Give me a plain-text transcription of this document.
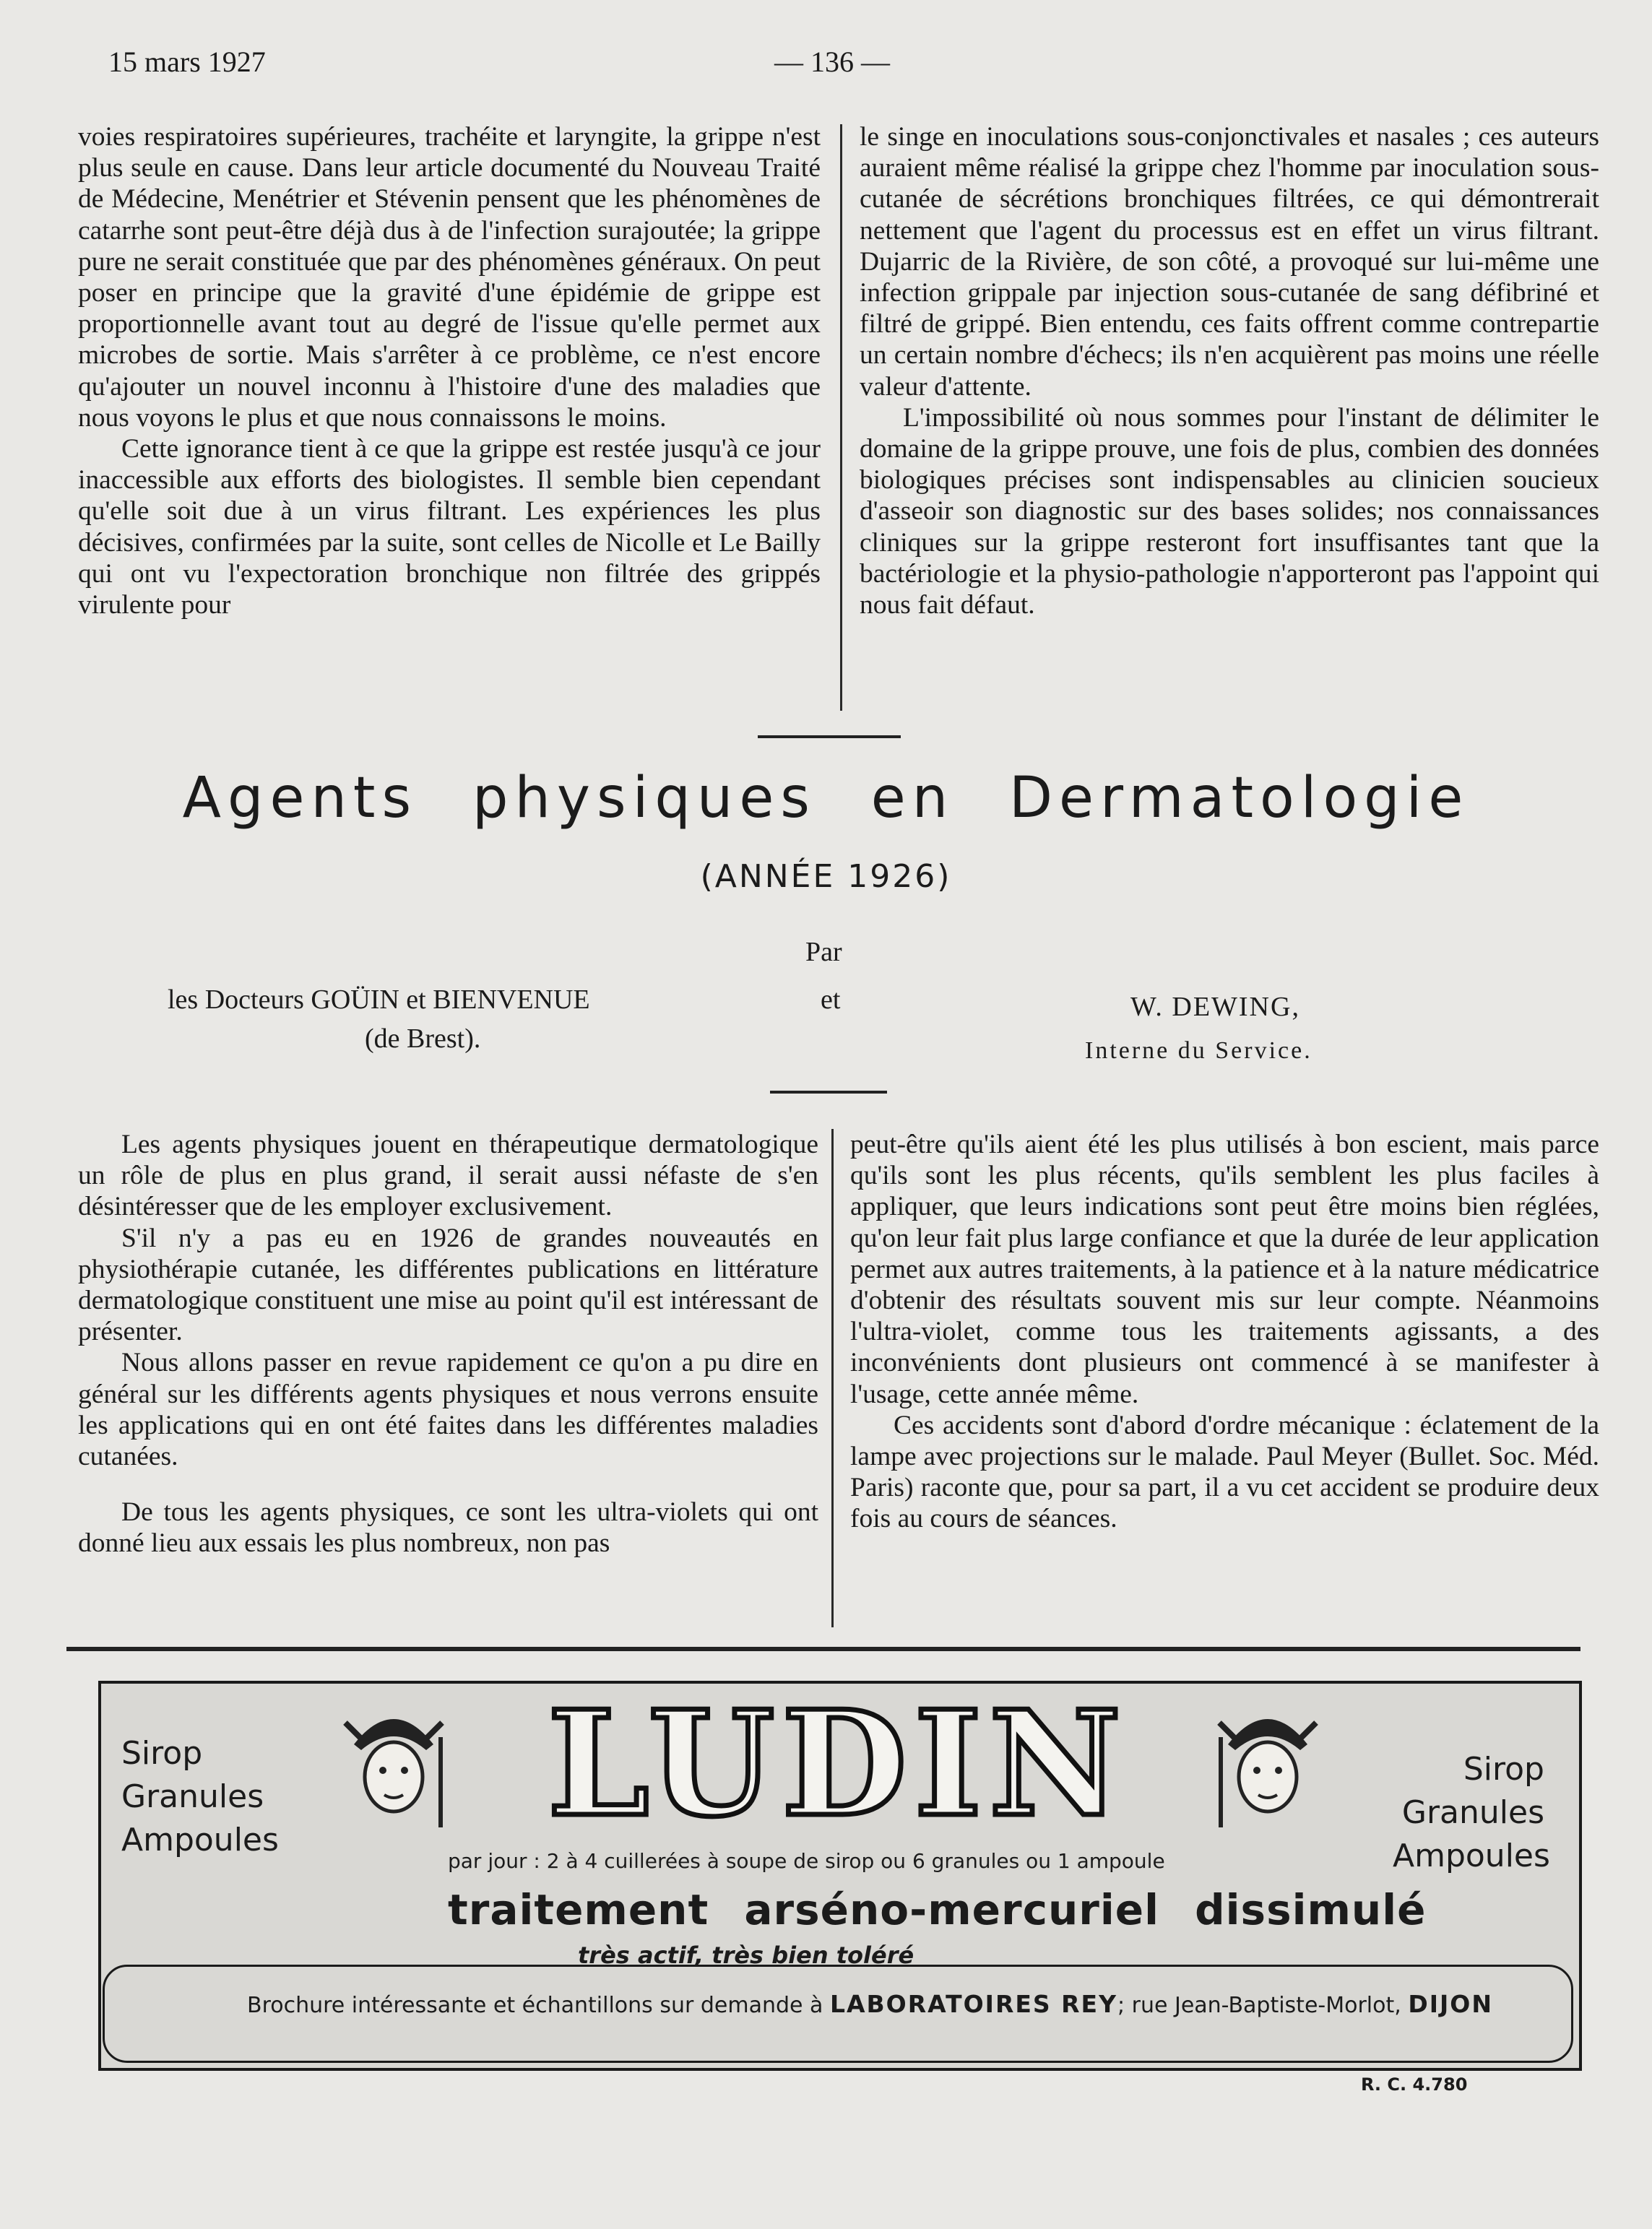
15 mars 1927	— 136 —

voies respiratoires supérieures, trachéite et laryngite, la grippe n'est plus seule en cause. Dans leur article documenté du Nouveau Traité de Médecine, Menétrier et Stévenin pensent que les phénomènes de catarrhe sont peut-être déjà dus à de l'infection surajoutée; la grippe pure ne serait constituée que par des phénomènes généraux. On peut poser en principe que la gravité d'une épidémie de grippe est proportionnelle avant tout au degré de l'issue qu'elle permet aux microbes de sortie. Mais s'arrêter à ce problème, ce n'est encore qu'ajouter un nouvel inconnu à l'histoire d'une des maladies que nous voyons le plus et que nous connaissons le moins.

Cette ignorance tient à ce que la grippe est restée jusqu'à ce jour inaccessible aux efforts des biologistes. Il semble bien cependant qu'elle soit due à un virus filtrant. Les expériences les plus décisives, confirmées par la suite, sont celles de Nicolle et Le Bailly qui ont vu l'expectoration bronchique non filtrée des grippés virulente pour

le singe en inoculations sous-conjonctivales et nasales ; ces auteurs auraient même réalisé la grippe chez l'homme par inoculation sous-cutanée de sécrétions bronchiques filtrées, ce qui démontrerait nettement que l'agent du processus est en effet un virus filtrant. Dujarric de la Rivière, de son côté, a provoqué sur lui-même une infection grippale par injection sous-cutanée de sang défibriné et filtré de grippé. Bien entendu, ces faits offrent comme contrepartie un certain nombre d'échecs; ils n'en acquièrent pas moins une réelle valeur d'attente.

L'impossibilité où nous sommes pour l'instant de délimiter le domaine de la grippe prouve, une fois de plus, combien des données biologiques précises sont indispensables au clinicien soucieux d'asseoir son diagnostic sur des bases solides; nos connaissances cliniques sur la grippe resteront fort insuffisantes tant que la bactériologie et la physio-pathologie n'apporteront pas l'appoint qui nous fait défaut.

Agents physiques en Dermatologie
(ANNÉE 1926)
Par
les Docteurs GOÜIN et BIENVENUE
(de Brest).
et	W. DEWING,
Interne du Service.

Les agents physiques jouent en thérapeutique dermatologique un rôle de plus en plus grand, il serait aussi néfaste de s'en désintéresser que de les employer exclusivement.

S'il n'y a pas eu en 1926 de grandes nouveautés en physiothérapie cutanée, les différentes publications en littérature dermatologique constituent une mise au point qu'il est intéressant de présenter.

Nous allons passer en revue rapidement ce qu'on a pu dire en général sur les différents agents physiques et nous verrons ensuite les applications qui en ont été faites dans les différentes maladies cutanées.

De tous les agents physiques, ce sont les ultra-violets qui ont donné lieu aux essais les plus nombreux, non pas

peut-être qu'ils aient été les plus utilisés à bon escient, mais parce qu'ils sont les plus récents, qu'ils semblent les plus faciles à appliquer, que leurs indications sont peut être moins bien réglées, qu'on leur fait plus large confiance et que la durée de leur application permet aux autres traitements, à la patience et à la nature médicatrice d'obtenir des résultats souvent mis sur leur compte. Néanmoins l'ultra-violet, comme tous les traitements agissants, a des inconvénients dont plusieurs ont commencé à se manifester à l'usage, cette année même.

Ces accidents sont d'abord d'ordre mécanique : éclatement de la lampe avec projections sur le malade. Paul Meyer (Bullet. Soc. Méd. Paris) raconte que, pour sa part, il a vu cet accident se produire deux fois au cours de séances.

Sirop
Granules
Ampoules
Sirop
Granules
Ampoules
LUDIN
par jour : 2 à 4 cuillerées à soupe de sirop ou 6 granules ou 1 ampoule
traitement arséno-mercuriel dissimulé
très actif, très bien toléré
Brochure intéressante et échantillons sur demande à LABORATOIRES REY; rue Jean-Baptiste-Morlot, DIJON
R. C. 4.780
